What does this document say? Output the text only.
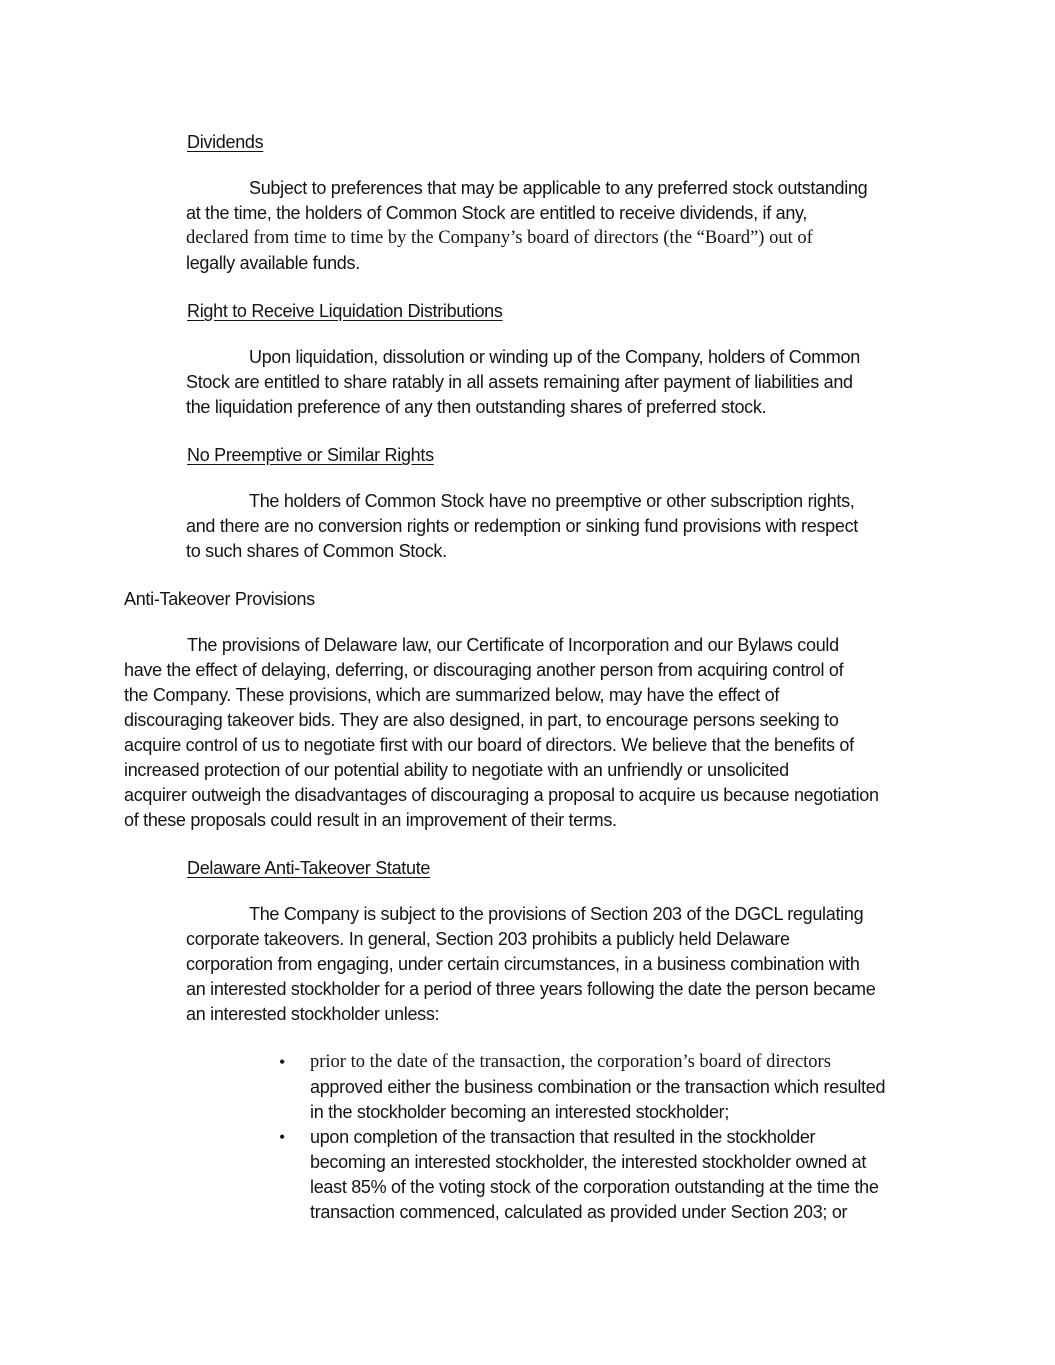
Dividends
Subject to preferences that may be applicable to any preferred stock outstanding
at the time, the holders of Common Stock are entitled to receive dividends, if any,
declared from time to time by the Company’s board of directors (the “Board”) out of
legally available funds.
Right to Receive Liquidation Distributions
Upon liquidation, dissolution or winding up of the Company, holders of Common
Stock are entitled to share ratably in all assets remaining after payment of liabilities and
the liquidation preference of any then outstanding shares of preferred stock.
No Preemptive or Similar Rights
The holders of Common Stock have no preemptive or other subscription rights,
and there are no conversion rights or redemption or sinking fund provisions with respect
to such shares of Common Stock.
Anti-Takeover Provisions
The provisions of Delaware law, our Certificate of Incorporation and our Bylaws could
have the effect of delaying, deferring, or discouraging another person from acquiring control of
the Company. These provisions, which are summarized below, may have the effect of
discouraging takeover bids. They are also designed, in part, to encourage persons seeking to
acquire control of us to negotiate first with our board of directors. We believe that the benefits of
increased protection of our potential ability to negotiate with an unfriendly or unsolicited
acquirer outweigh the disadvantages of discouraging a proposal to acquire us because negotiation
of these proposals could result in an improvement of their terms.
Delaware Anti-Takeover Statute
The Company is subject to the provisions of Section 203 of the DGCL regulating
corporate takeovers. In general, Section 203 prohibits a publicly held Delaware
corporation from engaging, under certain circumstances, in a business combination with
an interested stockholder for a period of three years following the date the person became
an interested stockholder unless:
• prior to the date of the transaction, the corporation’s board of directors
approved either the business combination or the transaction which resulted
in the stockholder becoming an interested stockholder;
• upon completion of the transaction that resulted in the stockholder
becoming an interested stockholder, the interested stockholder owned at
least 85% of the voting stock of the corporation outstanding at the time the
transaction commenced, calculated as provided under Section 203; or
